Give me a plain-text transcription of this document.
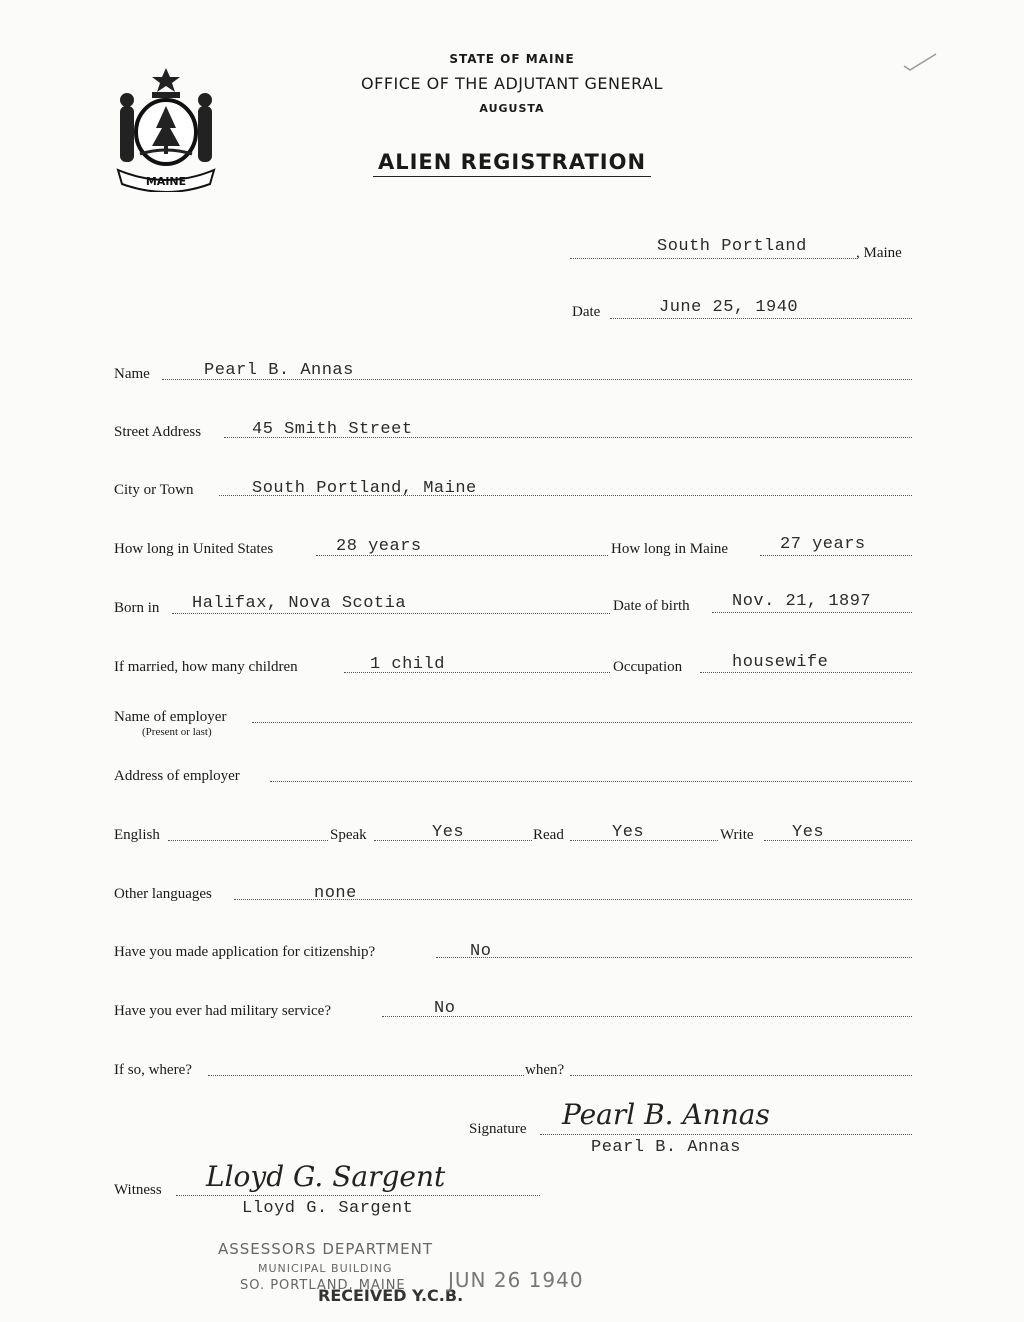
MAINE
STATE OF MAINE
OFFICE OF THE ADJUTANT GENERAL
AUGUSTA
ALIEN REGISTRATION
South Portland	, Maine
Date	June 25, 1940
Name	Pearl B. Annas
Street Address	45 Smith Street
City or Town	South Portland, Maine
How long in United States	28 years	How long in Maine	27 years
Born in Halifax, Nova Scotia	Date of birth Nov. 21, 1897
If married, how many children	1 child	Occupation	housewife
Name of employer
(Present or last)
Address of employer
English	Speak	Yes	Read	Yes	Write Yes
Other languages	none
Have you made application for citizenship?	No
Have you ever had military service?	No
If so, where?	when?
Signature Pearl B. Annas
Pearl B. Annas
Witness Lloyd G. Sargent
Lloyd G. Sargent
ASSESSORS DEPARTMENT
MUNICIPAL BUILDING
SO. PORTLAND, MAINE
RECEIVED Y.C.B.
JUN 26 1940
